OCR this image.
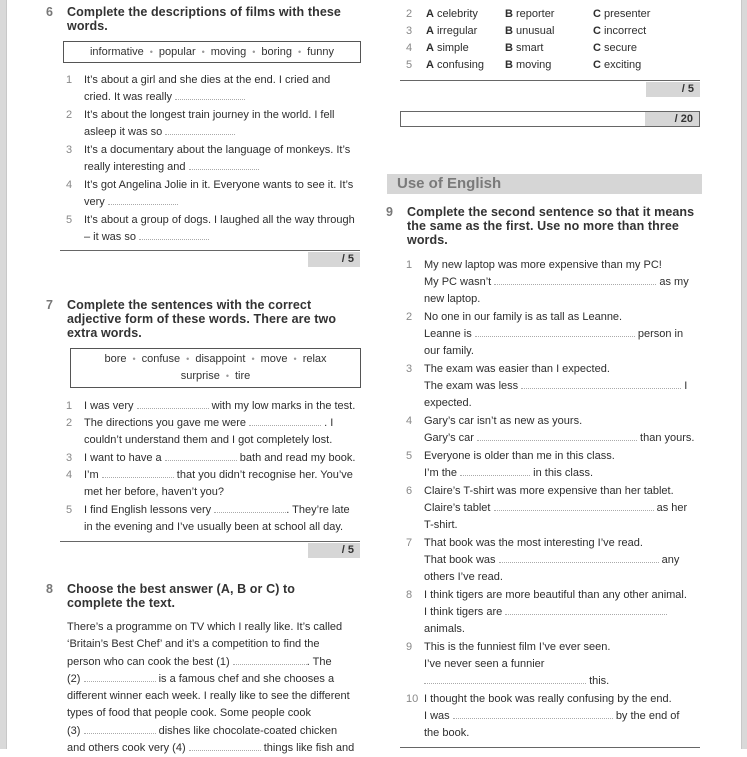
6	Complete the descriptions of films with these words.
informative • popular • moving • boring • funny
1	It’s about a girl and she dies at the end. I cried and
cried. It was really
2	It’s about the longest train journey in the world. I fell
asleep it was so
3	It’s a documentary about the language of monkeys. It’s
really interesting and
4	It’s got Angelina Jolie in it. Everyone wants to see it. It’s
very
5	It’s about a group of dogs. I laughed all the way through
– it was so
/ 5
7	Complete the sentences with the correct adjective form of these words. There are two extra words.
bore • confuse • disappoint • move • relax
surprise • tire
1	I was very	with my low marks in the test.
2	The directions you gave me were	. I
couldn’t understand them and I got completely lost.
3	I want to have a	bath and read my book.
4	I’m	that you didn’t recognise her. You’ve
met her before, haven’t you?
5	I find English lessons very	. They’re late
in the evening and I’ve usually been at school all day.
/ 5
8	Choose the best answer (A, B or C) to complete the text.
There’s a programme on TV which I really like. It’s called
‘Britain’s Best Chef’ and it’s a competition to find the
person who can cook the best (1)	. The
(2)	is a famous chef and she chooses a
different winner each week. I really like to see the different
types of food that people cook. Some people cook
(3)	dishes like chocolate-coated chicken
and others cook very (4)	things like fish and
2	A celebrity	B reporter	C presenter
3	A irregular	B unusual	C incorrect
4	A simple	B smart	C secure
5	A confusing	B moving	C exciting
/ 5
/ 20
Use of English
9	Complete the second sentence so that it means the same as the first. Use no more than three words.
1	My new laptop was more expensive than my PC!
My PC wasn’t	as my
new laptop.
2	No one in our family is as tall as Leanne.
Leanne is	person in
our family.
3	The exam was easier than I expected.
The exam was less	I
expected.
4	Gary’s car isn’t as new as yours.
Gary’s car	than yours.
5	Everyone is older than me in this class.
I’m the	in this class.
6	Claire’s T-shirt was more expensive than her tablet.
Claire’s tablet	as her
T-shirt.
7	That book was the most interesting I’ve read.
That book was	any
others I’ve read.
8	I think tigers are more beautiful than any other animal.
I think tigers are
animals.
9	This is the funniest film I’ve ever seen.
I’ve never seen a funnier
this.
10 I thought the book was really confusing by the end.
I was	by the end of
the book.
